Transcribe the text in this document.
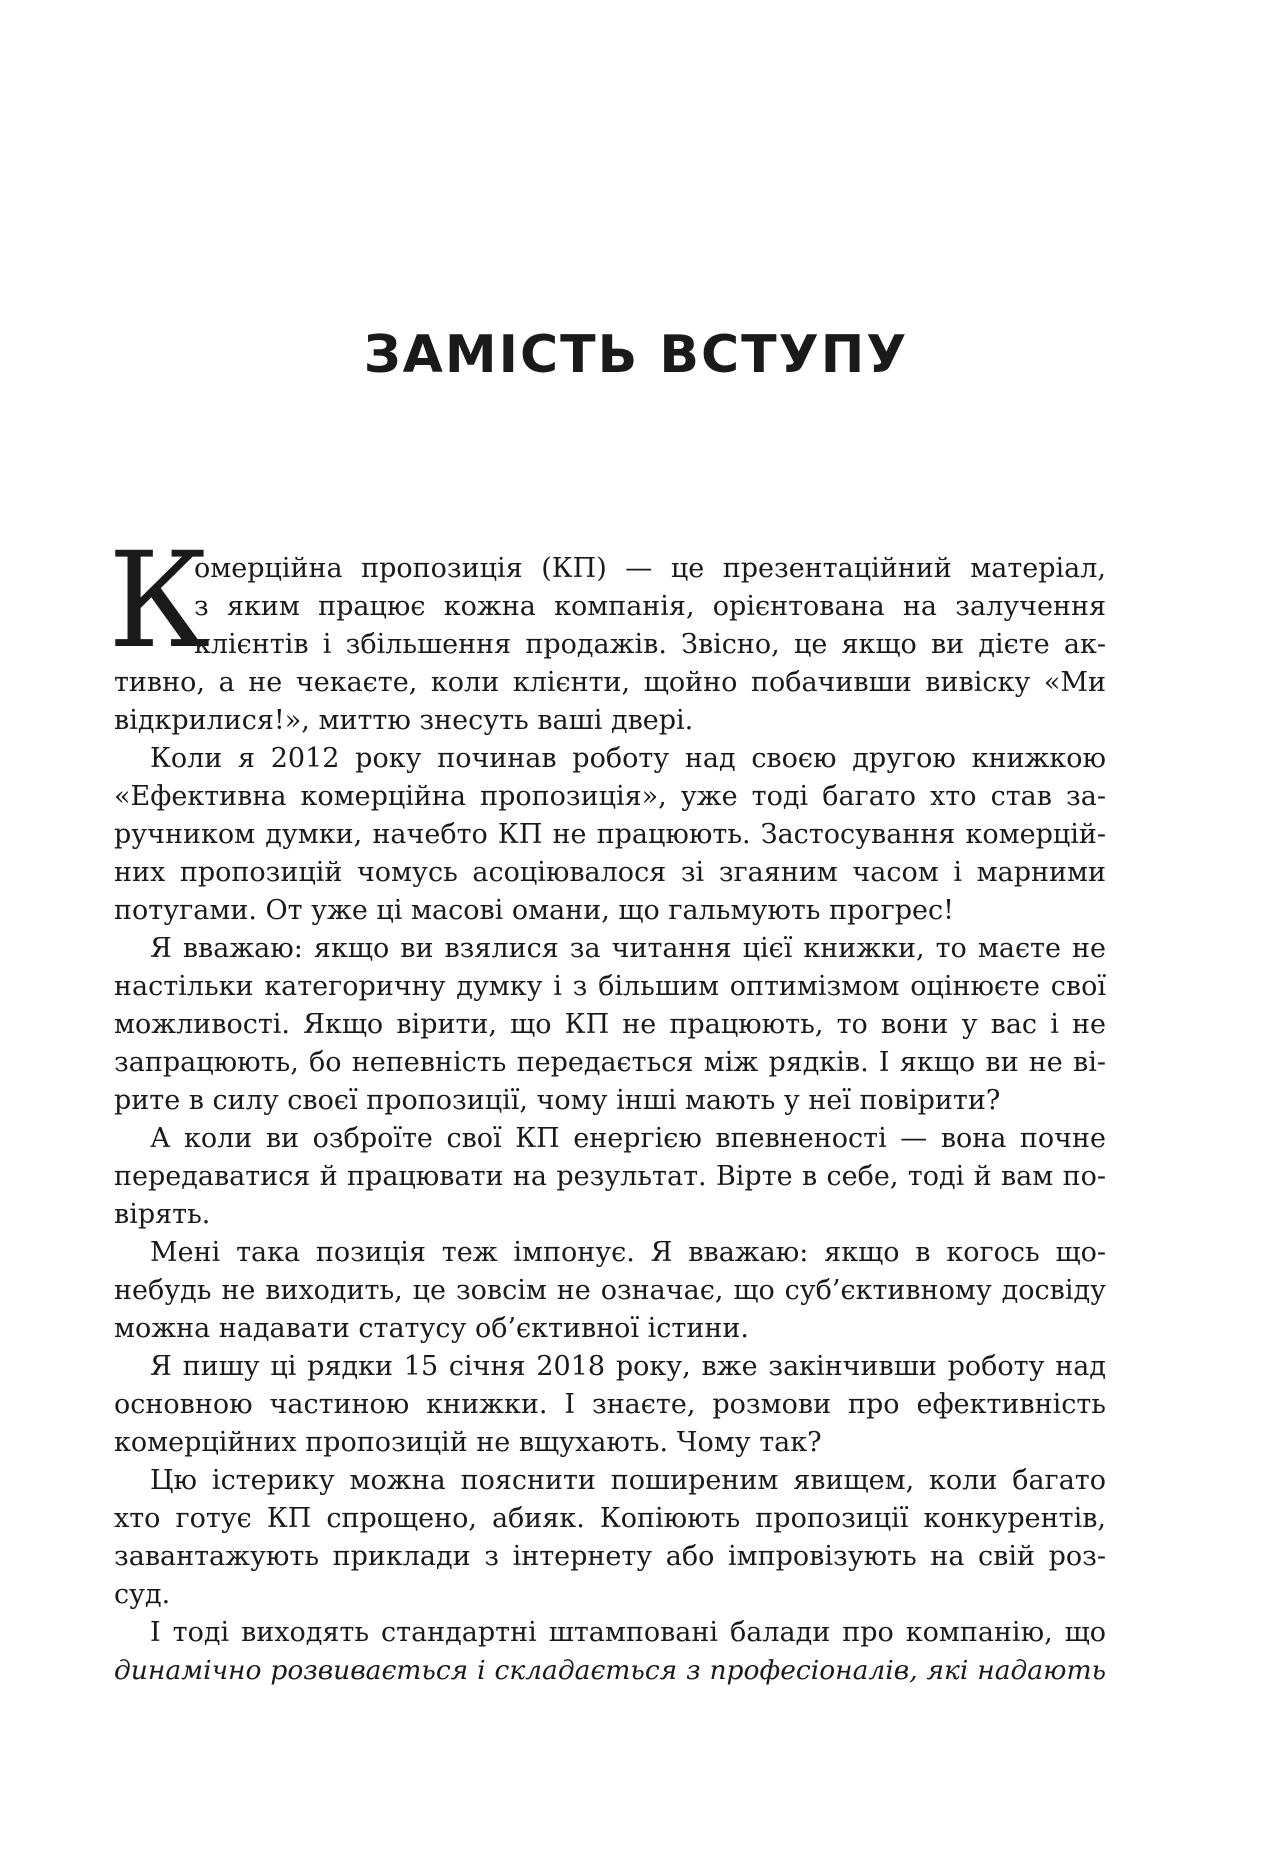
ЗАМІСТЬ ВСТУПУ
К
омерційна пропозиція (КП) — це презентаційний матеріал,
з яким працює кожна компанія, орієнтована на залучення
клієнтів і збільшення продажів. Звісно, це якщо ви дієте ак-
тивно, а не чекаєте, коли клієнти, щойно побачивши вивіску «Ми
відкрилися!», миттю знесуть ваші двері.
Коли я 2012 року починав роботу над своєю другою книжкою
«Ефективна комерційна пропозиція», уже тоді багато хто став за-
ручником думки, начебто КП не працюють. Застосування комерцій-
них пропозицій чомусь асоціювалося зі згаяним часом і марними
потугами. От уже ці масові омани, що гальмують прогрес!
Я вважаю: якщо ви взялися за читання цієї книжки, то маєте не
настільки категоричну думку і з більшим оптимізмом оцінюєте свої
можливості. Якщо вірити, що КП не працюють, то вони у вас і не
запрацюють, бо непевність передається між рядків. І якщо ви не ві-
рите в силу своєї пропозиції, чому інші мають у неї повірити?
А коли ви озброїте свої КП енергією впевненості — вона почне
передаватися й працювати на результат. Вірте в себе, тоді й вам по-
вірять.
Мені така позиція теж імпонує. Я вважаю: якщо в когось що-
небудь не виходить, це зовсім не означає, що суб’єктивному досвіду
можна надавати статусу об’єктивної істини.
Я пишу ці рядки 15 січня 2018 року, вже закінчивши роботу над
основною частиною книжки. І знаєте, розмови про ефективність
комерційних пропозицій не вщухають. Чому так?
Цю істерику можна пояснити поширеним явищем, коли багато
хто готує КП спрощено, абияк. Копіюють пропозиції конкурентів,
завантажують приклади з інтернету або імпровізують на свій роз-
суд.
І тоді виходять стандартні штамповані балади про компанію, що
динамічно розвивається і складається з професіоналів, які надають
